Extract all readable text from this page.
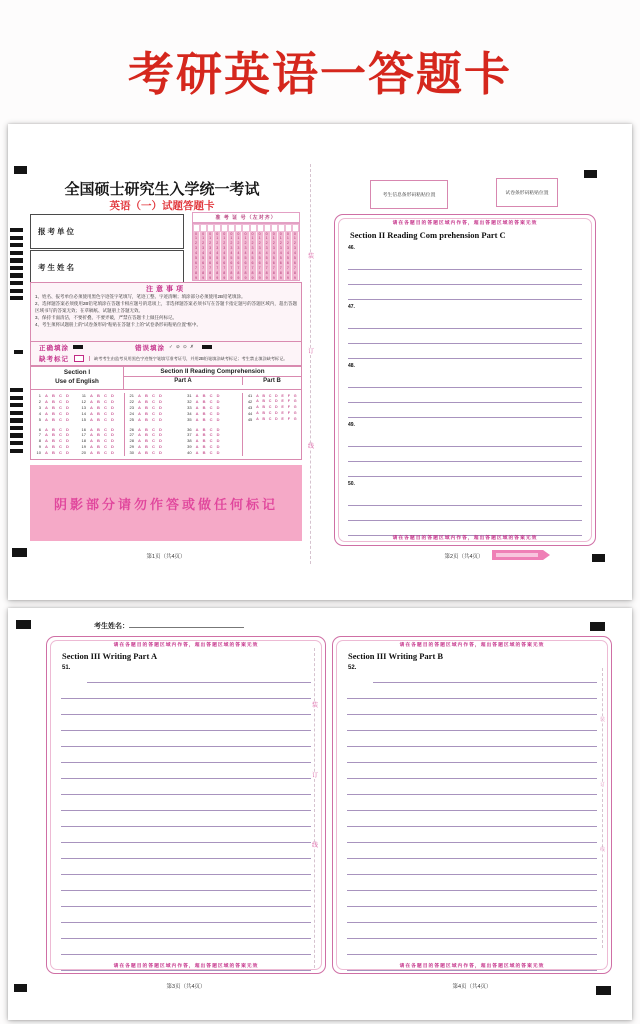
考研英语一答题卡
全国硕士研究生入学统一考试
英语（一）试题答题卡
报考单位
考生姓名
准 考 证 号（左对齐）
0	0	0	0	0	0	0	0	0	0	0	0	0	0	0
1	1	1	1	1	1	1	1	1	1	1	1	1	1	1
2	2	2	2	2	2	2	2	2	2	2	2	2	2	2
3	3	3	3	3	3	3	3	3	3	3	3	3	3	3
4	4	4	4	4	4	4	4	4	4	4	4	4	4	4
5	5	5	5	5	5	5	5	5	5	5	5	5	5	5
6	6	6	6	6	6	6	6	6	6	6	6	6	6	6
7	7	7	7	7	7	7	7	7	7	7	7	7	7	7
8	8	8	8	8	8	8	8	8	8	8	8	8	8	8
9	9	9	9	9	9	9	9	9	9	9	9	9	9	9
注意事项
1、姓名、报考单位必须使用黑色字迹签字笔填写，笔迹工整、字迹清晰；填涂部分必须使用2B铅笔填涂。
2、选择题答案必须使用2B铅笔填涂在答题卡相应题号的选项上，非选择题答案必须书写在答题卡指定题号的答题区域内，超出答题区域书写的答案无效；在草稿纸、试题册上答题无效。
3、保持卡面清洁，不要折叠、不要弄破，严禁在答题卡上做任何标记。
4、考生须将试题册上的“试卷条形码”粘贴在答题卡上的“试卷条形码粘贴位置”框中。
正确填涂	错误填涂 ✓ ⊘ ⊙ ✗
缺考标记	缺考考生由监考员用黑色字迹签字笔填写准考证号，并用2B铅笔填涂缺考标记；考生禁止填涂缺考标记。
Section I
Use of English
Section II Reading Comprehension
Part A	Part B
1	A	B	C	D
2	A	B	C	D
3	A	B	C	D
4	A	B	C	D
5	A	B	C	D
6	A	B	C	D
7	A	B	C	D
8	A	B	C	D
9	A	B	C	D
10	A	B	C	D
11	A	B	C	D
12	A	B	C	D
13	A	B	C	D
14	A	B	C	D
15	A	B	C	D
16	A	B	C	D
17	A	B	C	D
18	A	B	C	D
19	A	B	C	D
20	A	B	C	D
21	A	B	C	D
22	A	B	C	D
23	A	B	C	D
24	A	B	C	D
25	A	B	C	D
26	A	B	C	D
27	A	B	C	D
28	A	B	C	D
29	A	B	C	D
30	A	B	C	D
31	A	B	C	D
32	A	B	C	D
33	A	B	C	D
34	A	B	C	D
35	A	B	C	D
36	A	B	C	D
37	A	B	C	D
38	A	B	C	D
39	A	B	C	D
40	A	B	C	D
41	A B C D	E	F	G
42	A B C D	E	F	G
43	A B C D	E	F	G
44	A B C D	E	F	G
45	A B C D	E	F	G
阴影部分请勿作答或做任何标记
第1页（共4页）
装
订
线
考生信息条形码粘贴位置	试卷条形码粘贴位置
请在各题目的答题区域内作答，超出答题区域的答案无效
Section II Reading Com prehension Part C
46.
47.
48.
49.
50.
请在各题目的答题区域内作答，超出答题区域的答案无效
第2页（共4页）
考生姓名：
请在各题目的答题区域内作答，超出答题区域的答案无效
Section III Writing Part A
51.
请在各题目的答题区域内作答，超出答题区域的答案无效
第3页（共4页）
装
订
线
请在各题目的答题区域内作答，超出答题区域的答案无效
Section III Writing Part B
52.
请在各题目的答题区域内作答，超出答题区域的答案无效
第4页（共4页）
装
订
线
